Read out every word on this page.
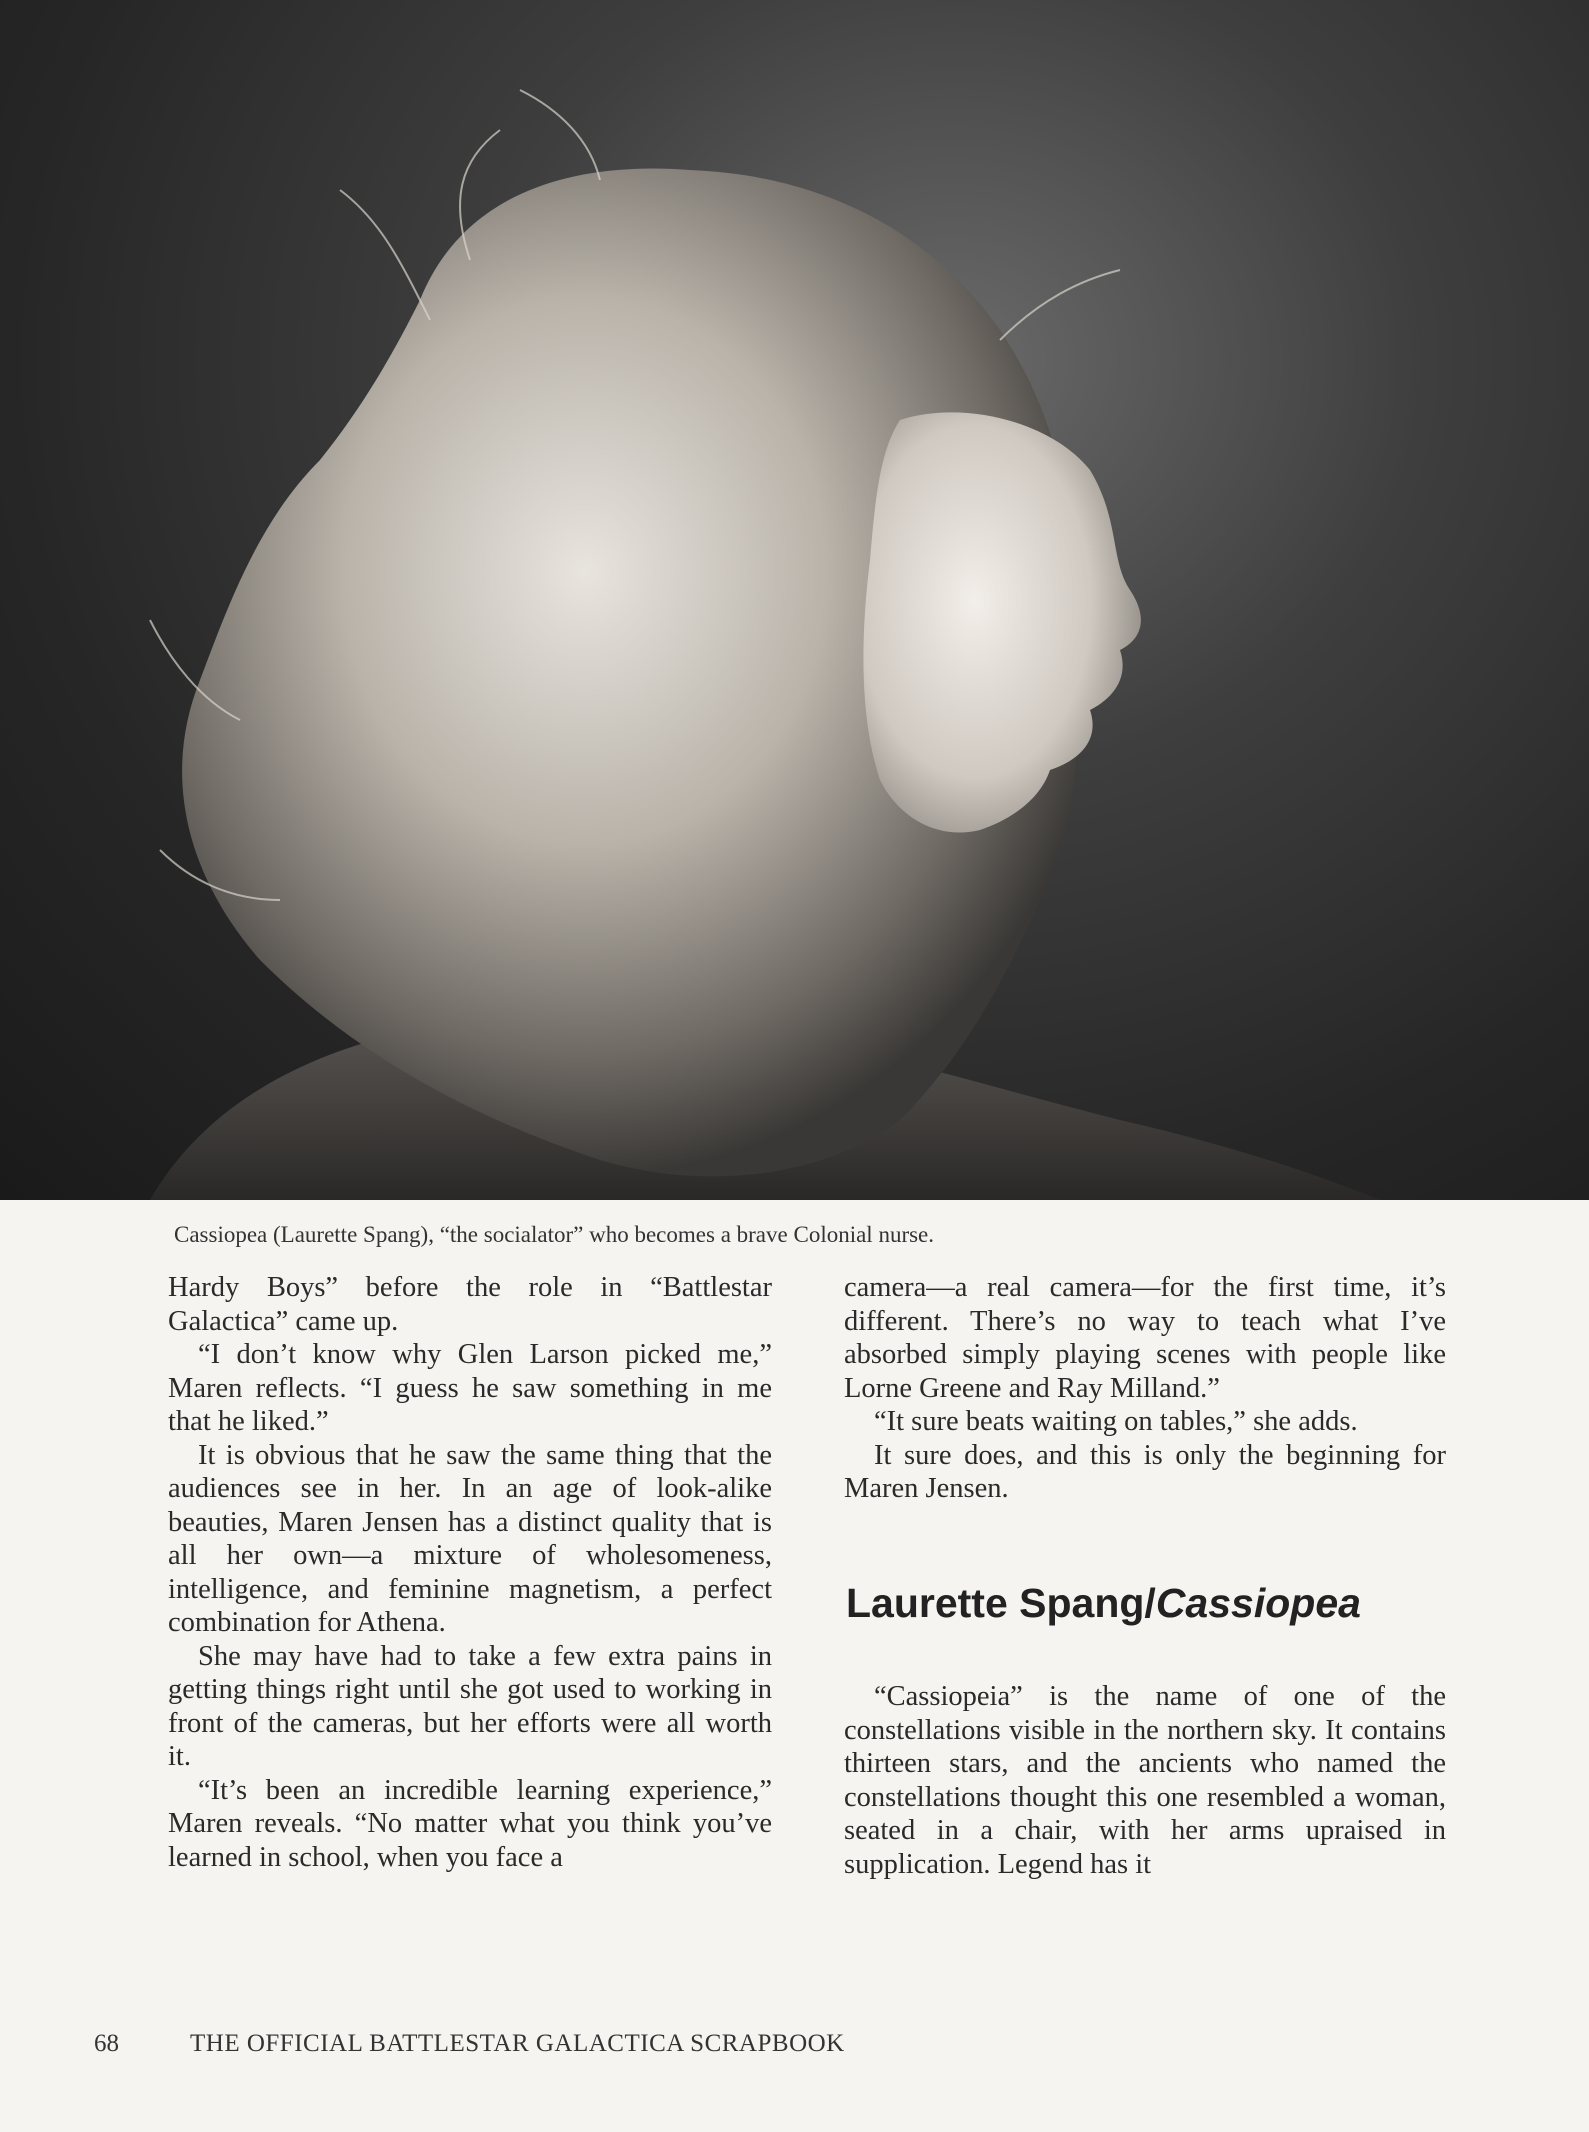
Cassiopea (Laurette Spang), “the socialator” who becomes a brave Colonial nurse.

Hardy Boys” before the role in “Battlestar Galactica” came up.

“I don’t know why Glen Larson picked me,” Maren reflects. “I guess he saw something in me that he liked.”

It is obvious that he saw the same thing that the audiences see in her. In an age of look-alike beauties, Maren Jensen has a distinct quality that is all her own—a mixture of wholesomeness, intelligence, and feminine magnetism, a perfect combination for Athena.

She may have had to take a few extra pains in getting things right until she got used to working in front of the cameras, but her efforts were all worth it.

“It’s been an incredible learning experience,” Maren reveals. “No matter what you think you’ve learned in school, when you face a

camera—a real camera—for the first time, it’s different. There’s no way to teach what I’ve absorbed simply playing scenes with people like Lorne Greene and Ray Milland.”

“It sure beats waiting on tables,” she adds.

It sure does, and this is only the beginning for Maren Jensen.

Laurette Spang/Cassiopea

“Cassiopeia” is the name of one of the constellations visible in the northern sky. It contains thirteen stars, and the ancients who named the constellations thought this one resembled a woman, seated in a chair, with her arms upraised in supplication. Legend has it

68	THE OFFICIAL BATTLESTAR GALACTICA SCRAPBOOK
